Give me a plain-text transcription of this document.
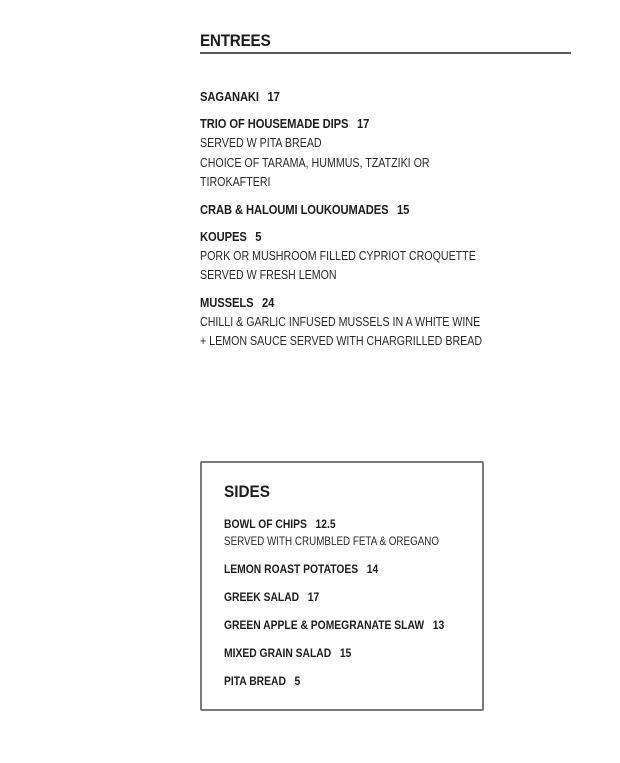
ENTREES
SAGANAKI 17
TRIO OF HOUSEMADE DIPS 17
SERVED W PITA BREAD
CHOICE OF TARAMA, HUMMUS, TZATZIKI OR
TIROKAFTERI
CRAB & HALOUMI LOUKOUMADES 15
KOUPES 5
PORK OR MUSHROOM FILLED CYPRIOT CROQUETTE
SERVED W FRESH LEMON
MUSSELS 24
CHILLI & GARLIC INFUSED MUSSELS IN A WHITE WINE
+ LEMON SAUCE SERVED WITH CHARGRILLED BREAD
SIDES
BOWL OF CHIPS 12.5
SERVED WITH CRUMBLED FETA & OREGANO
LEMON ROAST POTATOES 14
GREEK SALAD 17
GREEN APPLE & POMEGRANATE SLAW 13
MIXED GRAIN SALAD 15
PITA BREAD 5
